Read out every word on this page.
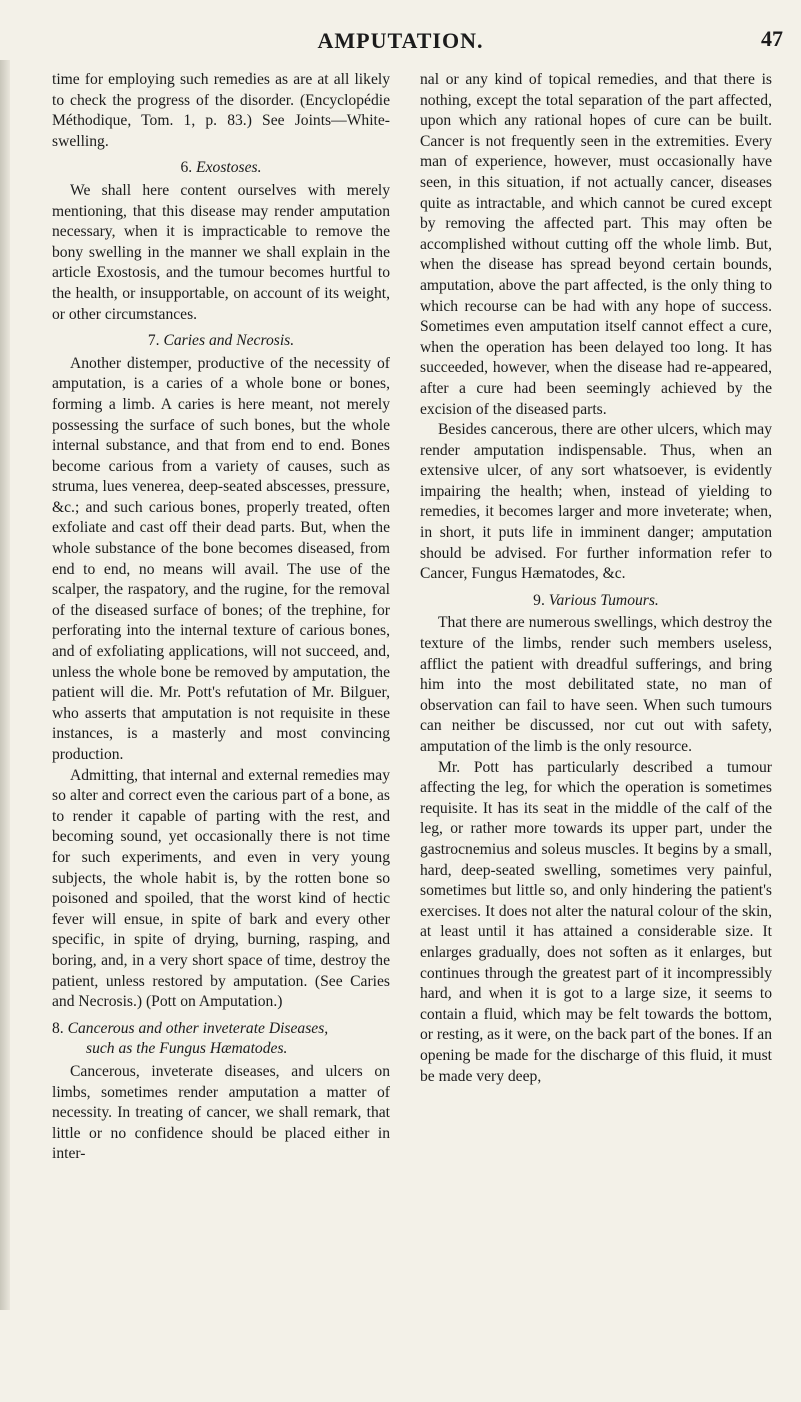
AMPUTATION.	47

time for employing such remedies as are at all likely to check the progress of the disorder. (Encyclopédie Méthodique, Tom. 1, p. 83.) See Joints—White-swelling.

6. Exostoses.

We shall here content ourselves with merely mentioning, that this disease may render amputation necessary, when it is impracticable to remove the bony swelling in the manner we shall explain in the article Exostosis, and the tumour becomes hurtful to the health, or insupportable, on account of its weight, or other circumstances.

7. Caries and Necrosis.

Another distemper, productive of the necessity of amputation, is a caries of a whole bone or bones, forming a limb. A caries is here meant, not merely possessing the surface of such bones, but the whole internal substance, and that from end to end. Bones become carious from a variety of causes, such as struma, lues venerea, deep-seated abscesses, pressure, &c.; and such carious bones, properly treated, often exfoliate and cast off their dead parts. But, when the whole substance of the bone becomes diseased, from end to end, no means will avail. The use of the scalper, the raspatory, and the rugine, for the removal of the diseased surface of bones; of the trephine, for perforating into the internal texture of carious bones, and of exfoliating applications, will not succeed, and, unless the whole bone be removed by amputation, the patient will die. Mr. Pott's refutation of Mr. Bilguer, who asserts that amputation is not requisite in these instances, is a masterly and most convincing production.

Admitting, that internal and external remedies may so alter and correct even the carious part of a bone, as to render it capable of parting with the rest, and becoming sound, yet occasionally there is not time for such experiments, and even in very young subjects, the whole habit is, by the rotten bone so poisoned and spoiled, that the worst kind of hectic fever will ensue, in spite of bark and every other specific, in spite of drying, burning, rasping, and boring, and, in a very short space of time, destroy the patient, unless restored by amputation. (See Caries and Necrosis.) (Pott on Amputation.)

8. Cancerous and other inveterate Diseases,
such as the Fungus Hæmatodes.

Cancerous, inveterate diseases, and ulcers on limbs, sometimes render amputation a matter of necessity. In treating of cancer, we shall remark, that little or no confidence should be placed either in inter-

nal or any kind of topical remedies, and that there is nothing, except the total separation of the part affected, upon which any rational hopes of cure can be built. Cancer is not frequently seen in the extremities. Every man of experience, however, must occasionally have seen, in this situation, if not actually cancer, diseases quite as intractable, and which cannot be cured except by removing the affected part. This may often be accomplished without cutting off the whole limb. But, when the disease has spread beyond certain bounds, amputation, above the part affected, is the only thing to which recourse can be had with any hope of success. Sometimes even amputation itself cannot effect a cure, when the operation has been delayed too long. It has succeeded, however, when the disease had re-appeared, after a cure had been seemingly achieved by the excision of the diseased parts.

Besides cancerous, there are other ulcers, which may render amputation indispensable. Thus, when an extensive ulcer, of any sort whatsoever, is evidently impairing the health; when, instead of yielding to remedies, it becomes larger and more inveterate; when, in short, it puts life in imminent danger; amputation should be advised. For further information refer to Cancer, Fungus Hæmatodes, &c.

9. Various Tumours.

That there are numerous swellings, which destroy the texture of the limbs, render such members useless, afflict the patient with dreadful sufferings, and bring him into the most debilitated state, no man of observation can fail to have seen. When such tumours can neither be discussed, nor cut out with safety, amputation of the limb is the only resource.

Mr. Pott has particularly described a tumour affecting the leg, for which the operation is sometimes requisite. It has its seat in the middle of the calf of the leg, or rather more towards its upper part, under the gastrocnemius and soleus muscles. It begins by a small, hard, deep-seated swelling, sometimes very painful, sometimes but little so, and only hindering the patient's exercises. It does not alter the natural colour of the skin, at least until it has attained a considerable size. It enlarges gradually, does not soften as it enlarges, but continues through the greatest part of it incompressibly hard, and when it is got to a large size, it seems to contain a fluid, which may be felt towards the bottom, or resting, as it were, on the back part of the bones. If an opening be made for the discharge of this fluid, it must be made very deep,
